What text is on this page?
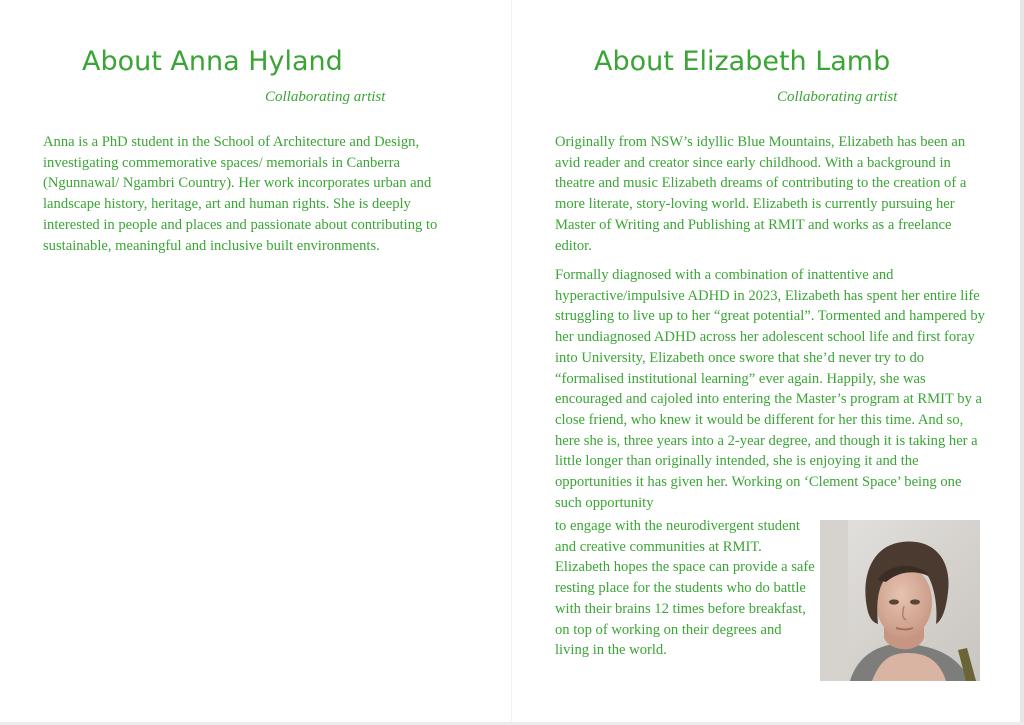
About Anna Hyland

Collaborating artist

Anna is a PhD student in the School of Architecture and Design, investigating commemorative spaces/ memorials in Canberra (Ngunnawal/ Ngambri Country). Her work incorporates urban and landscape history, heritage, art and human rights. She is deeply interested in people and places and passionate about contributing to sustainable, meaningful and inclusive built environments.

About Elizabeth Lamb

Collaborating artist

Originally from NSW’s idyllic Blue Mountains, Elizabeth has been an avid reader and creator since early childhood. With a background in theatre and music Elizabeth dreams of contributing to the creation of a more literate, story-loving world. Elizabeth is currently pursuing her Master of Writing and Publishing at RMIT and works as a freelance editor.

Formally diagnosed with a combination of inattentive and hyperactive/impulsive ADHD in 2023, Elizabeth has spent her entire life struggling to live up to her “great potential”. Tormented and hampered by her undiagnosed ADHD across her adolescent school life and first foray into University, Elizabeth once swore that she’d never try to do “formalised institutional learning” ever again. Happily, she was encouraged and cajoled into entering the Master’s program at RMIT by a close friend, who knew it would be different for her this time. And so, here she is, three years into a 2-year degree, and though it is taking her a little longer than originally intended, she is enjoying it and the opportunities it has given her. Working on ‘Clement Space’ being one such opportunity

to engage with the neurodivergent student and creative communities at RMIT. Elizabeth hopes the space can provide a safe resting place for the students who do battle with their brains 12 times before breakfast, on top of working on their degrees and living in the world.
